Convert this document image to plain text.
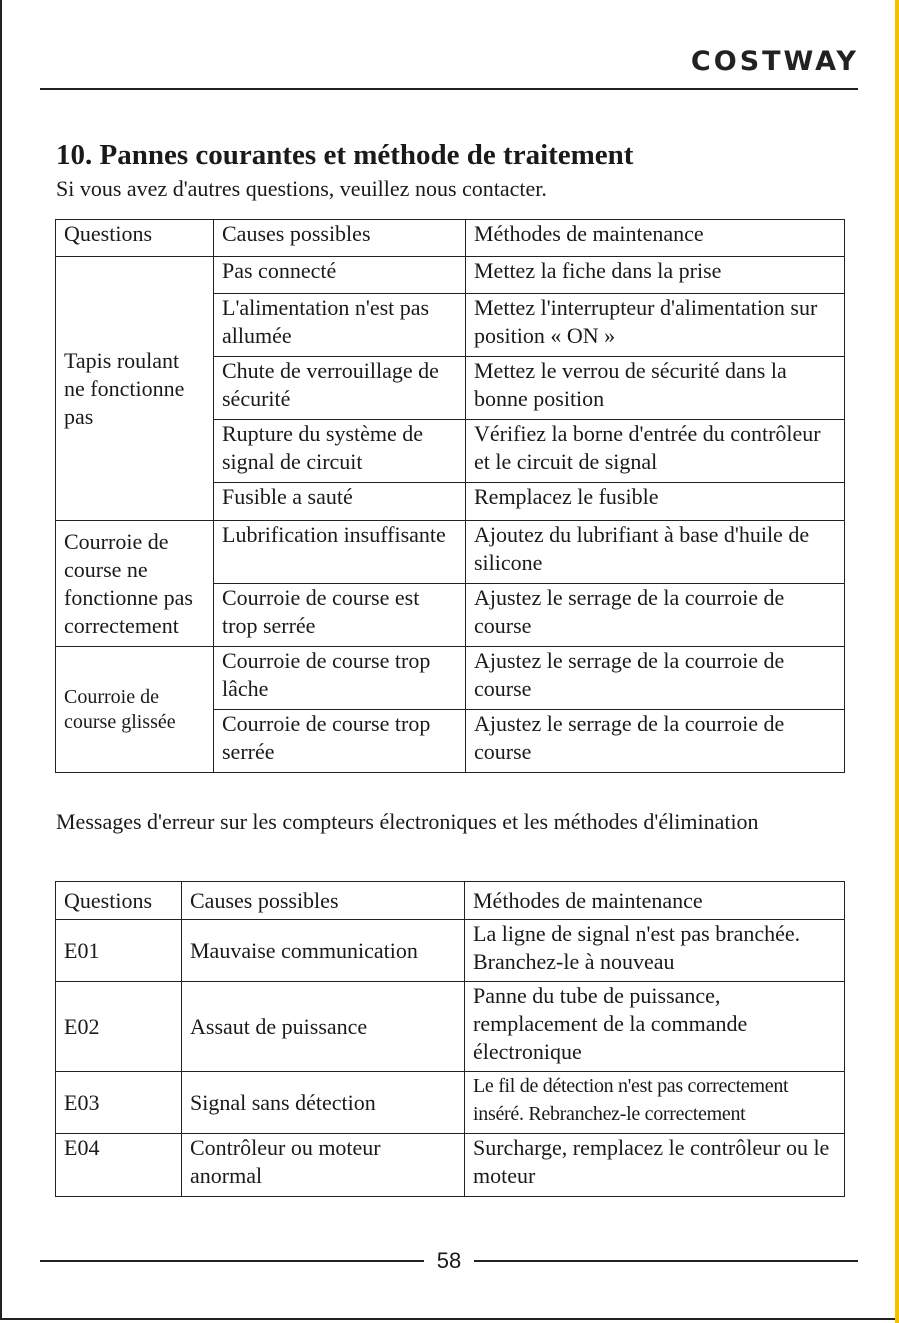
COSTWAY
10. Pannes courantes et méthode de traitement

Si vous avez d'autres questions, veuillez nous contacter.

Questions	Causes possibles	Méthodes de maintenance
Tapis roulant ne fonctionne pas	Pas connecté	Mettez la fiche dans la prise
	L'alimentation n'est pas allumée	Mettez l'interrupteur d'alimentation sur position « ON »
	Chute de verrouillage de sécurité	Mettez le verrou de sécurité dans la bonne position
	Rupture du système de signal de circuit	Vérifiez la borne d'entrée du contrôleur et le circuit de signal
	Fusible a sauté	Remplacez le fusible
Courroie de course ne fonctionne pas correctement	Lubrification insuffisante	Ajoutez du lubrifiant à base d'huile de silicone
	Courroie de course est trop serrée	Ajustez le serrage de la courroie de course
Courroie de course glissée	Courroie de course trop lâche	Ajustez le serrage de la courroie de course
	Courroie de course trop serrée	Ajustez le serrage de la courroie de course

Messages d'erreur sur les compteurs électroniques et les méthodes d'élimination

Questions	Causes possibles	Méthodes de maintenance
E01	Mauvaise communication	La ligne de signal n'est pas branchée. Branchez-le à nouveau
E02	Assaut de puissance	Panne du tube de puissance, remplacement de la commande électronique
E03	Signal sans détection	Le fil de détection n'est pas correctement inséré. Rebranchez-le correctement
E04	Contrôleur ou moteur anormal	Surcharge, remplacez le contrôleur ou le moteur
58
